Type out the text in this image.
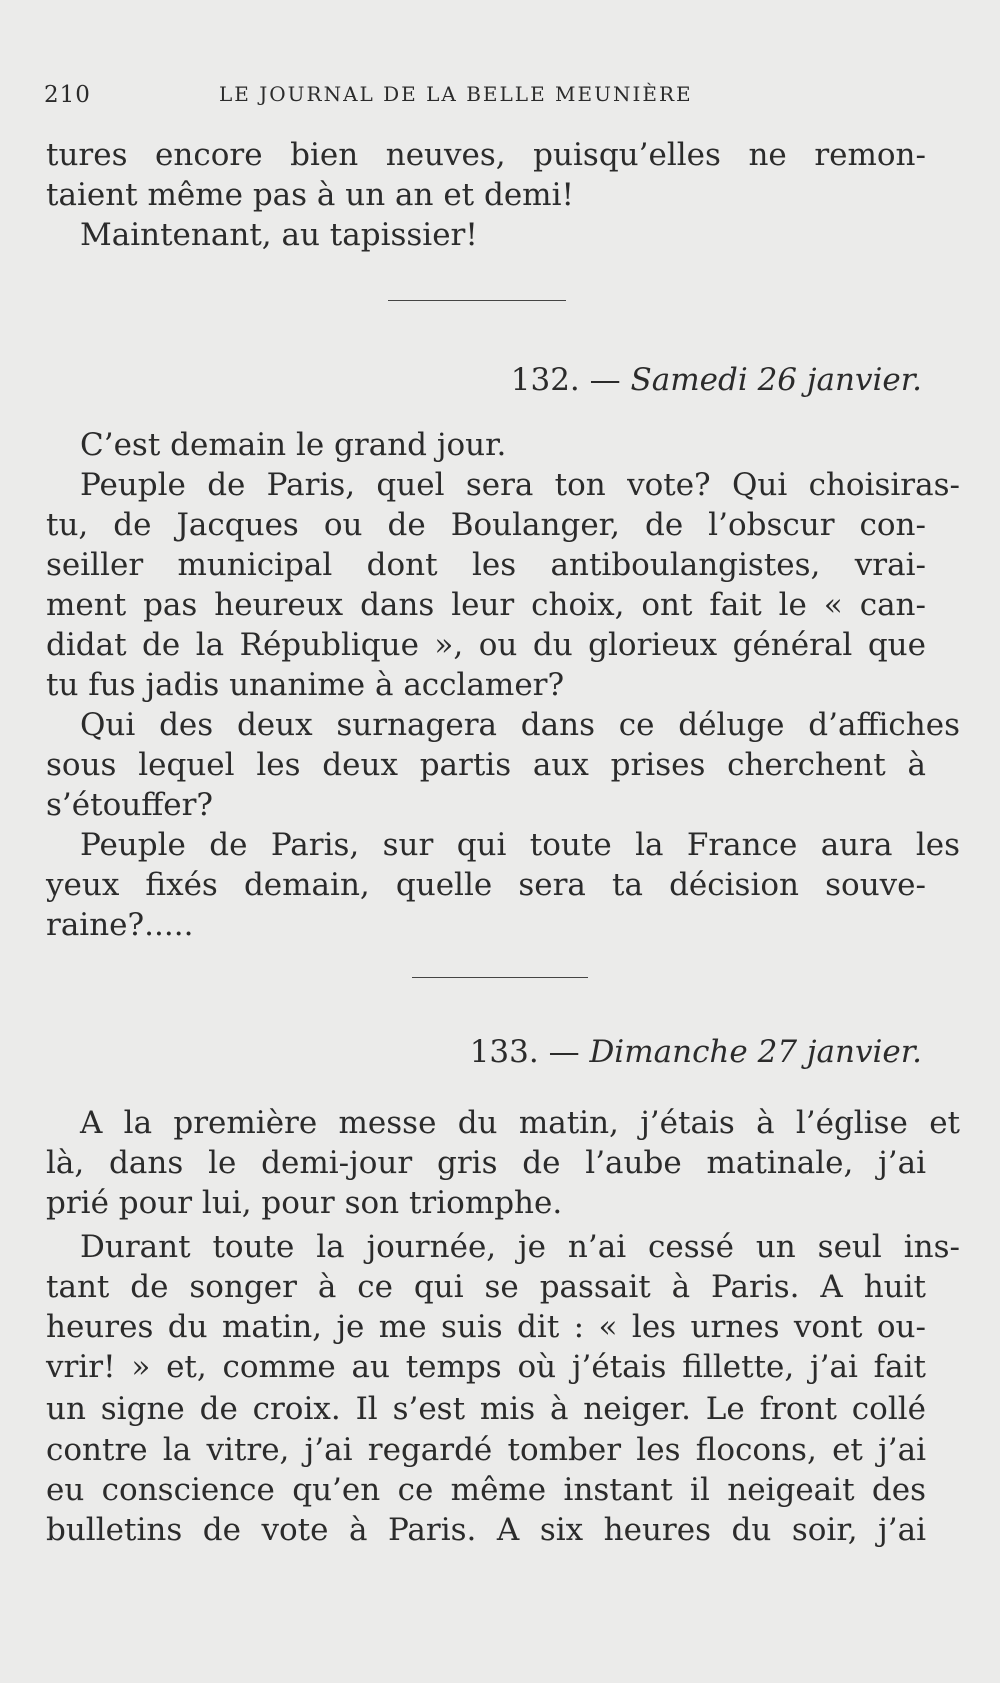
210	LE JOURNAL DE LA BELLE MEUNIÈRE

tures encore bien neuves, puisqu’elles ne remon-

taient même pas à un an et demi!

Maintenant, au tapissier!

132. — Samedi 26 janvier.

C’est demain le grand jour.

Peuple de Paris, quel sera ton vote? Qui choisiras-

tu, de Jacques ou de Boulanger, de l’obscur con-

seiller municipal dont les antiboulangistes, vrai-

ment pas heureux dans leur choix, ont fait le « can-

didat de la République », ou du glorieux général que

tu fus jadis unanime à acclamer?

Qui des deux surnagera dans ce déluge d’affiches

sous lequel les deux partis aux prises cherchent à

s’étouffer?

Peuple de Paris, sur qui toute la France aura les

yeux fixés demain, quelle sera ta décision souve-

raine?.....

133. — Dimanche 27 janvier.

A la première messe du matin, j’étais à l’église et

là, dans le demi-jour gris de l’aube matinale, j’ai

prié pour lui, pour son triomphe.

Durant toute la journée, je n’ai cessé un seul ins-

tant de songer à ce qui se passait à Paris. A huit

heures du matin, je me suis dit : « les urnes vont ou-

vrir! » et, comme au temps où j’étais fillette, j’ai fait

un signe de croix. Il s’est mis à neiger. Le front collé

contre la vitre, j’ai regardé tomber les flocons, et j’ai

eu conscience qu’en ce même instant il neigeait des

bulletins de vote à Paris. A six heures du soir, j’ai
